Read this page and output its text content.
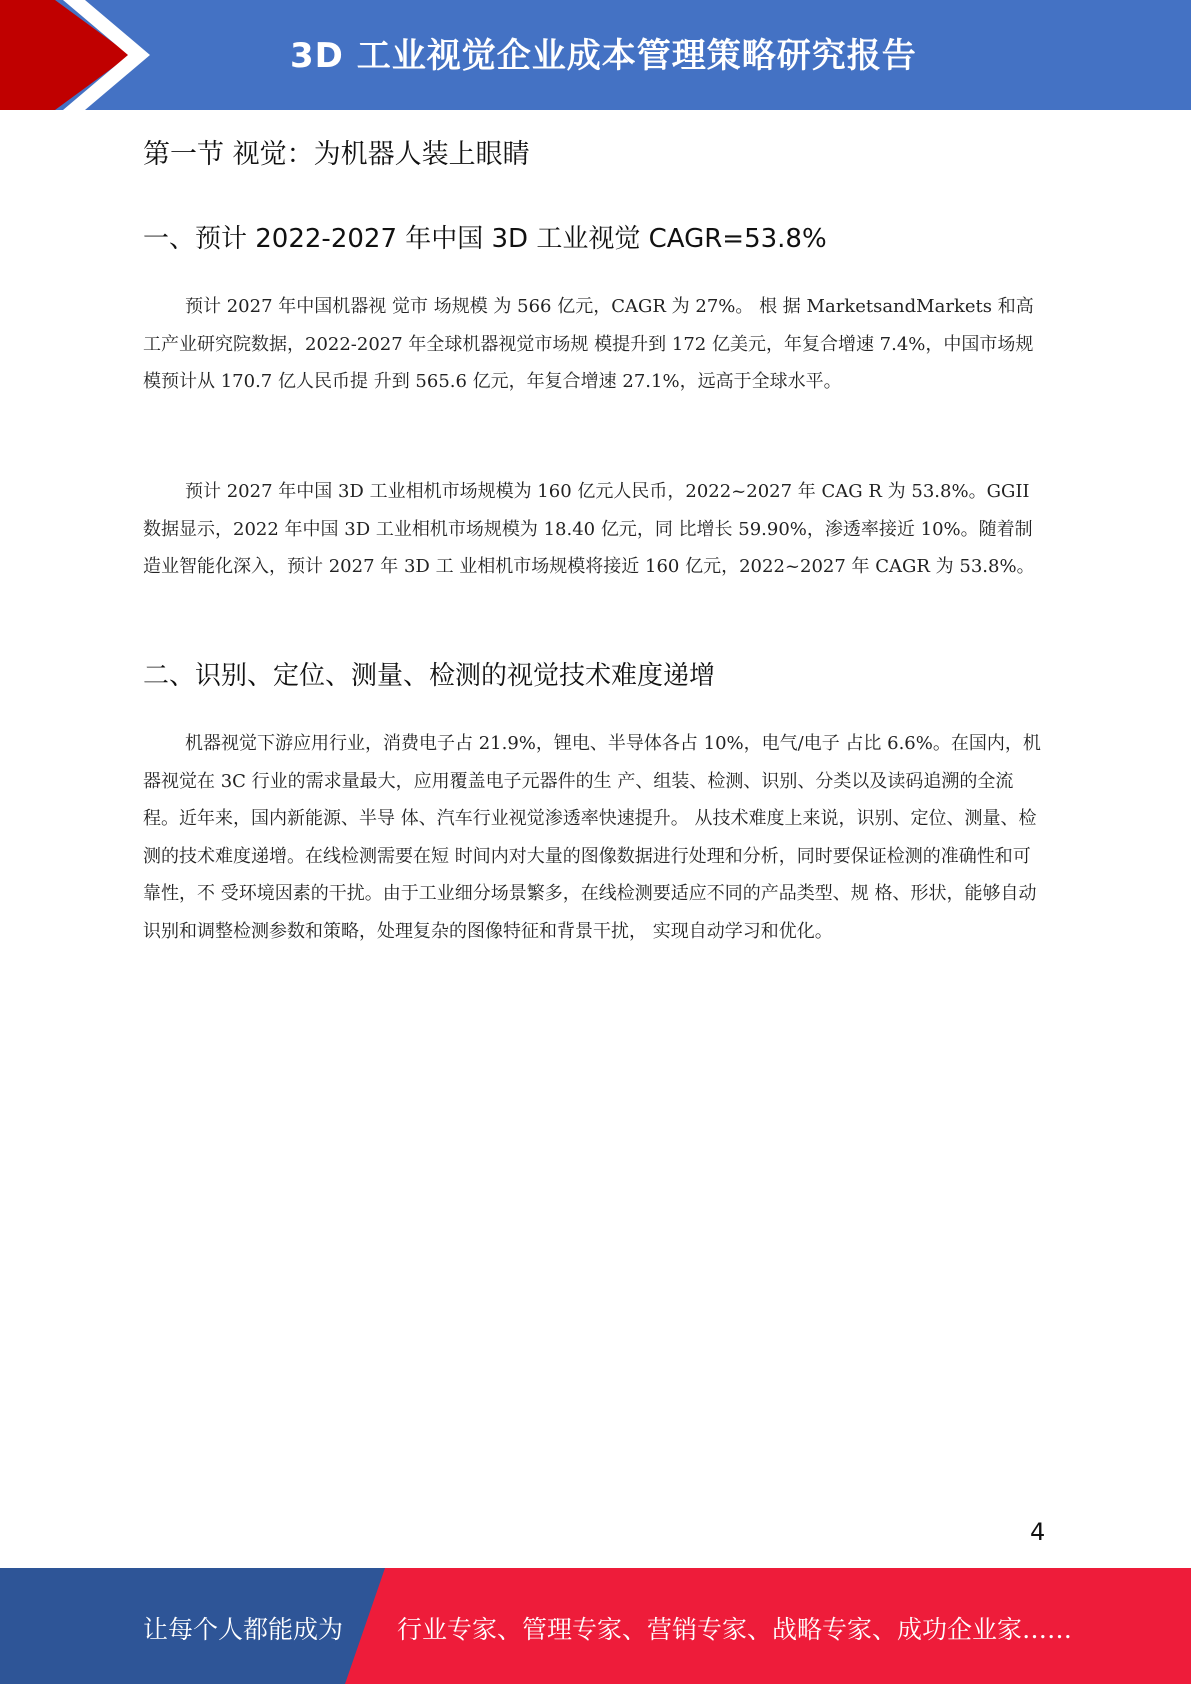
3D 工业视觉企业成本管理策略研究报告
第一节 视觉：为机器人装上眼睛
一、预计 2022-2027 年中国 3D 工业视觉 CAGR=53.8%

预计 2027 年中国机器视 觉市 场规模 为 566 亿元，CAGR 为 27%。 根 据 MarketsandMarkets 和高工产业研究院数据，2022-2027 年全球机器视觉市场规 模提升到 172 亿美元，年复合增速 7.4%，中国市场规模预计从 170.7 亿人民币提 升到 565.6 亿元，年复合增速 27.1%，远高于全球水平。

预计 2027 年中国 3D 工业相机市场规模为 160 亿元人民币，2022~2027 年 CAG R 为 53.8%。GGII 数据显示，2022 年中国 3D 工业相机市场规模为 18.40 亿元，同 比增长 59.90%，渗透率接近 10%。随着制造业智能化深入，预计 2027 年 3D 工 业相机市场规模将接近 160 亿元，2022~2027 年 CAGR 为 53.8%。

二、识别、定位、测量、检测的视觉技术难度递增

机器视觉下游应用行业，消费电子占 21.9%，锂电、半导体各占 10%，电气/电子 占比 6.6%。在国内，机器视觉在 3C 行业的需求量最大，应用覆盖电子元器件的生 产、组装、检测、识别、分类以及读码追溯的全流程。近年来，国内新能源、半导 体、汽车行业视觉渗透率快速提升。 从技术难度上来说，识别、定位、测量、检测的技术难度递增。在线检测需要在短 时间内对大量的图像数据进行处理和分析，同时要保证检测的准确性和可靠性，不 受环境因素的干扰。由于工业细分场景繁多，在线检测要适应不同的产品类型、规 格、形状，能够自动识别和调整检测参数和策略，处理复杂的图像特征和背景干扰， 实现自动学习和优化。

4
让每个人都能成为 行业专家、管理专家、营销专家、战略专家、成功企业家……
